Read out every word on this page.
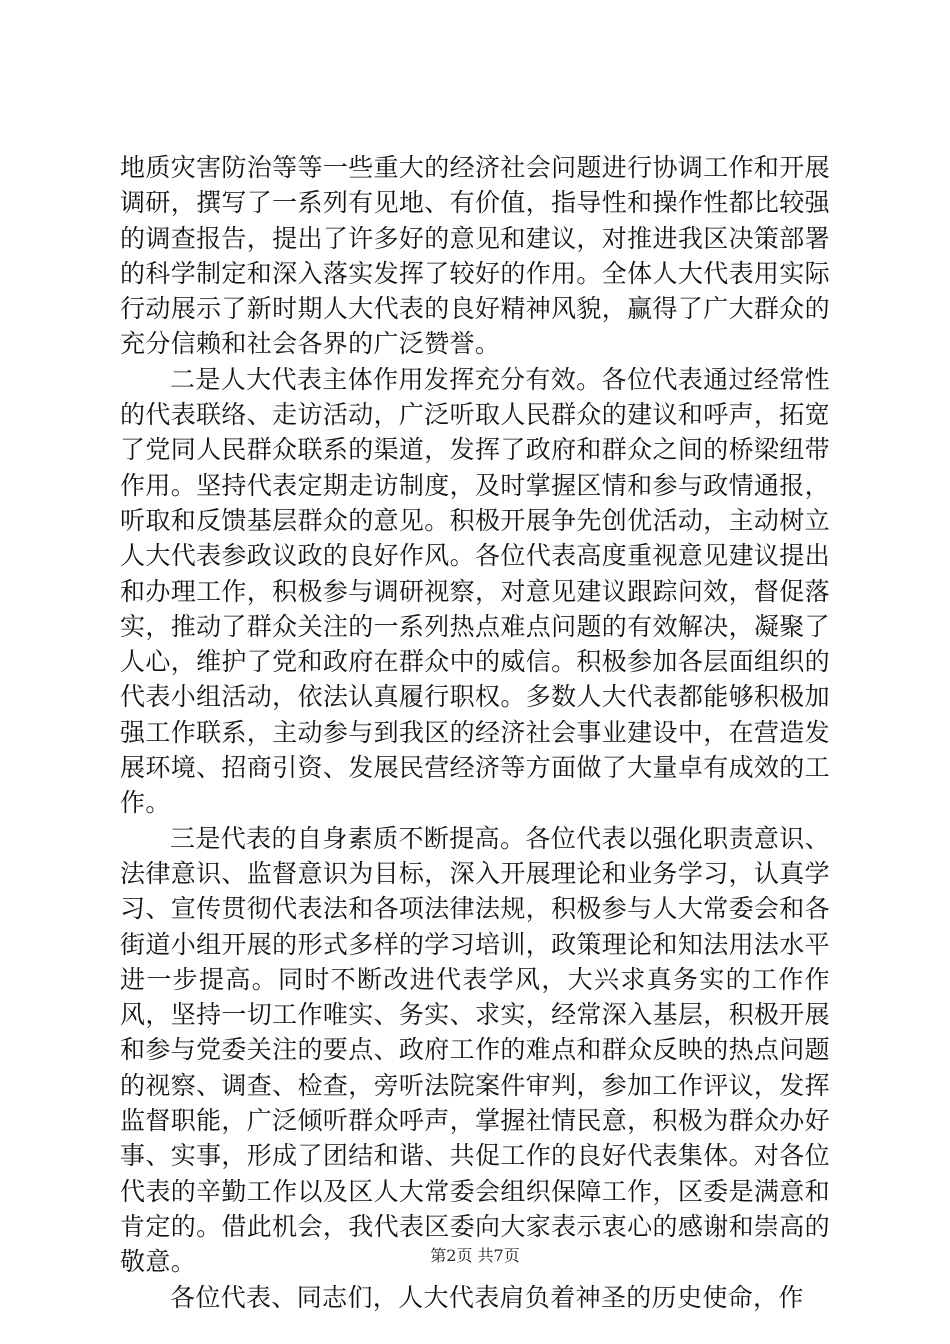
地质灾害防治等等一些重大的经济社会问题进行协调工作和开展调研，撰写了一系列有见地、有价值，指导性和操作性都比较强的调查报告，提出了许多好的意见和建议，对推进我区决策部署的科学制定和深入落实发挥了较好的作用。全体人大代表用实际行动展示了新时期人大代表的良好精神风貌，赢得了广大群众的充分信赖和社会各界的广泛赞誉。

二是人大代表主体作用发挥充分有效。各位代表通过经常性的代表联络、走访活动，广泛听取人民群众的建议和呼声，拓宽了党同人民群众联系的渠道，发挥了政府和群众之间的桥梁纽带作用。坚持代表定期走访制度，及时掌握区情和参与政情通报，听取和反馈基层群众的意见。积极开展争先创优活动，主动树立人大代表参政议政的良好作风。各位代表高度重视意见建议提出和办理工作，积极参与调研视察，对意见建议跟踪问效，督促落实，推动了群众关注的一系列热点难点问题的有效解决，凝聚了人心，维护了党和政府在群众中的威信。积极参加各层面组织的代表小组活动，依法认真履行职权。多数人大代表都能够积极加强工作联系，主动参与到我区的经济社会事业建设中，在营造发展环境、招商引资、发展民营经济等方面做了大量卓有成效的工作。

三是代表的自身素质不断提高。各位代表以强化职责意识、法律意识、监督意识为目标，深入开展理论和业务学习，认真学习、宣传贯彻代表法和各项法律法规，积极参与人大常委会和各街道小组开展的形式多样的学习培训，政策理论和知法用法水平进一步提高。同时不断改进代表学风，大兴求真务实的工作作风，坚持一切工作唯实、务实、求实，经常深入基层，积极开展和参与党委关注的要点、政府工作的难点和群众反映的热点问题的视察、调查、检查，旁听法院案件审判，参加工作评议，发挥监督职能，广泛倾听群众呼声，掌握社情民意，积极为群众办好事、实事，形成了团结和谐、共促工作的良好代表集体。对各位代表的辛勤工作以及区人大常委会组织保障工作，区委是满意和肯定的。借此机会，我代表区委向大家表示衷心的感谢和崇高的敬意。

各位代表、同志们，人大代表肩负着神圣的历史使命，作

第2页 共7页
